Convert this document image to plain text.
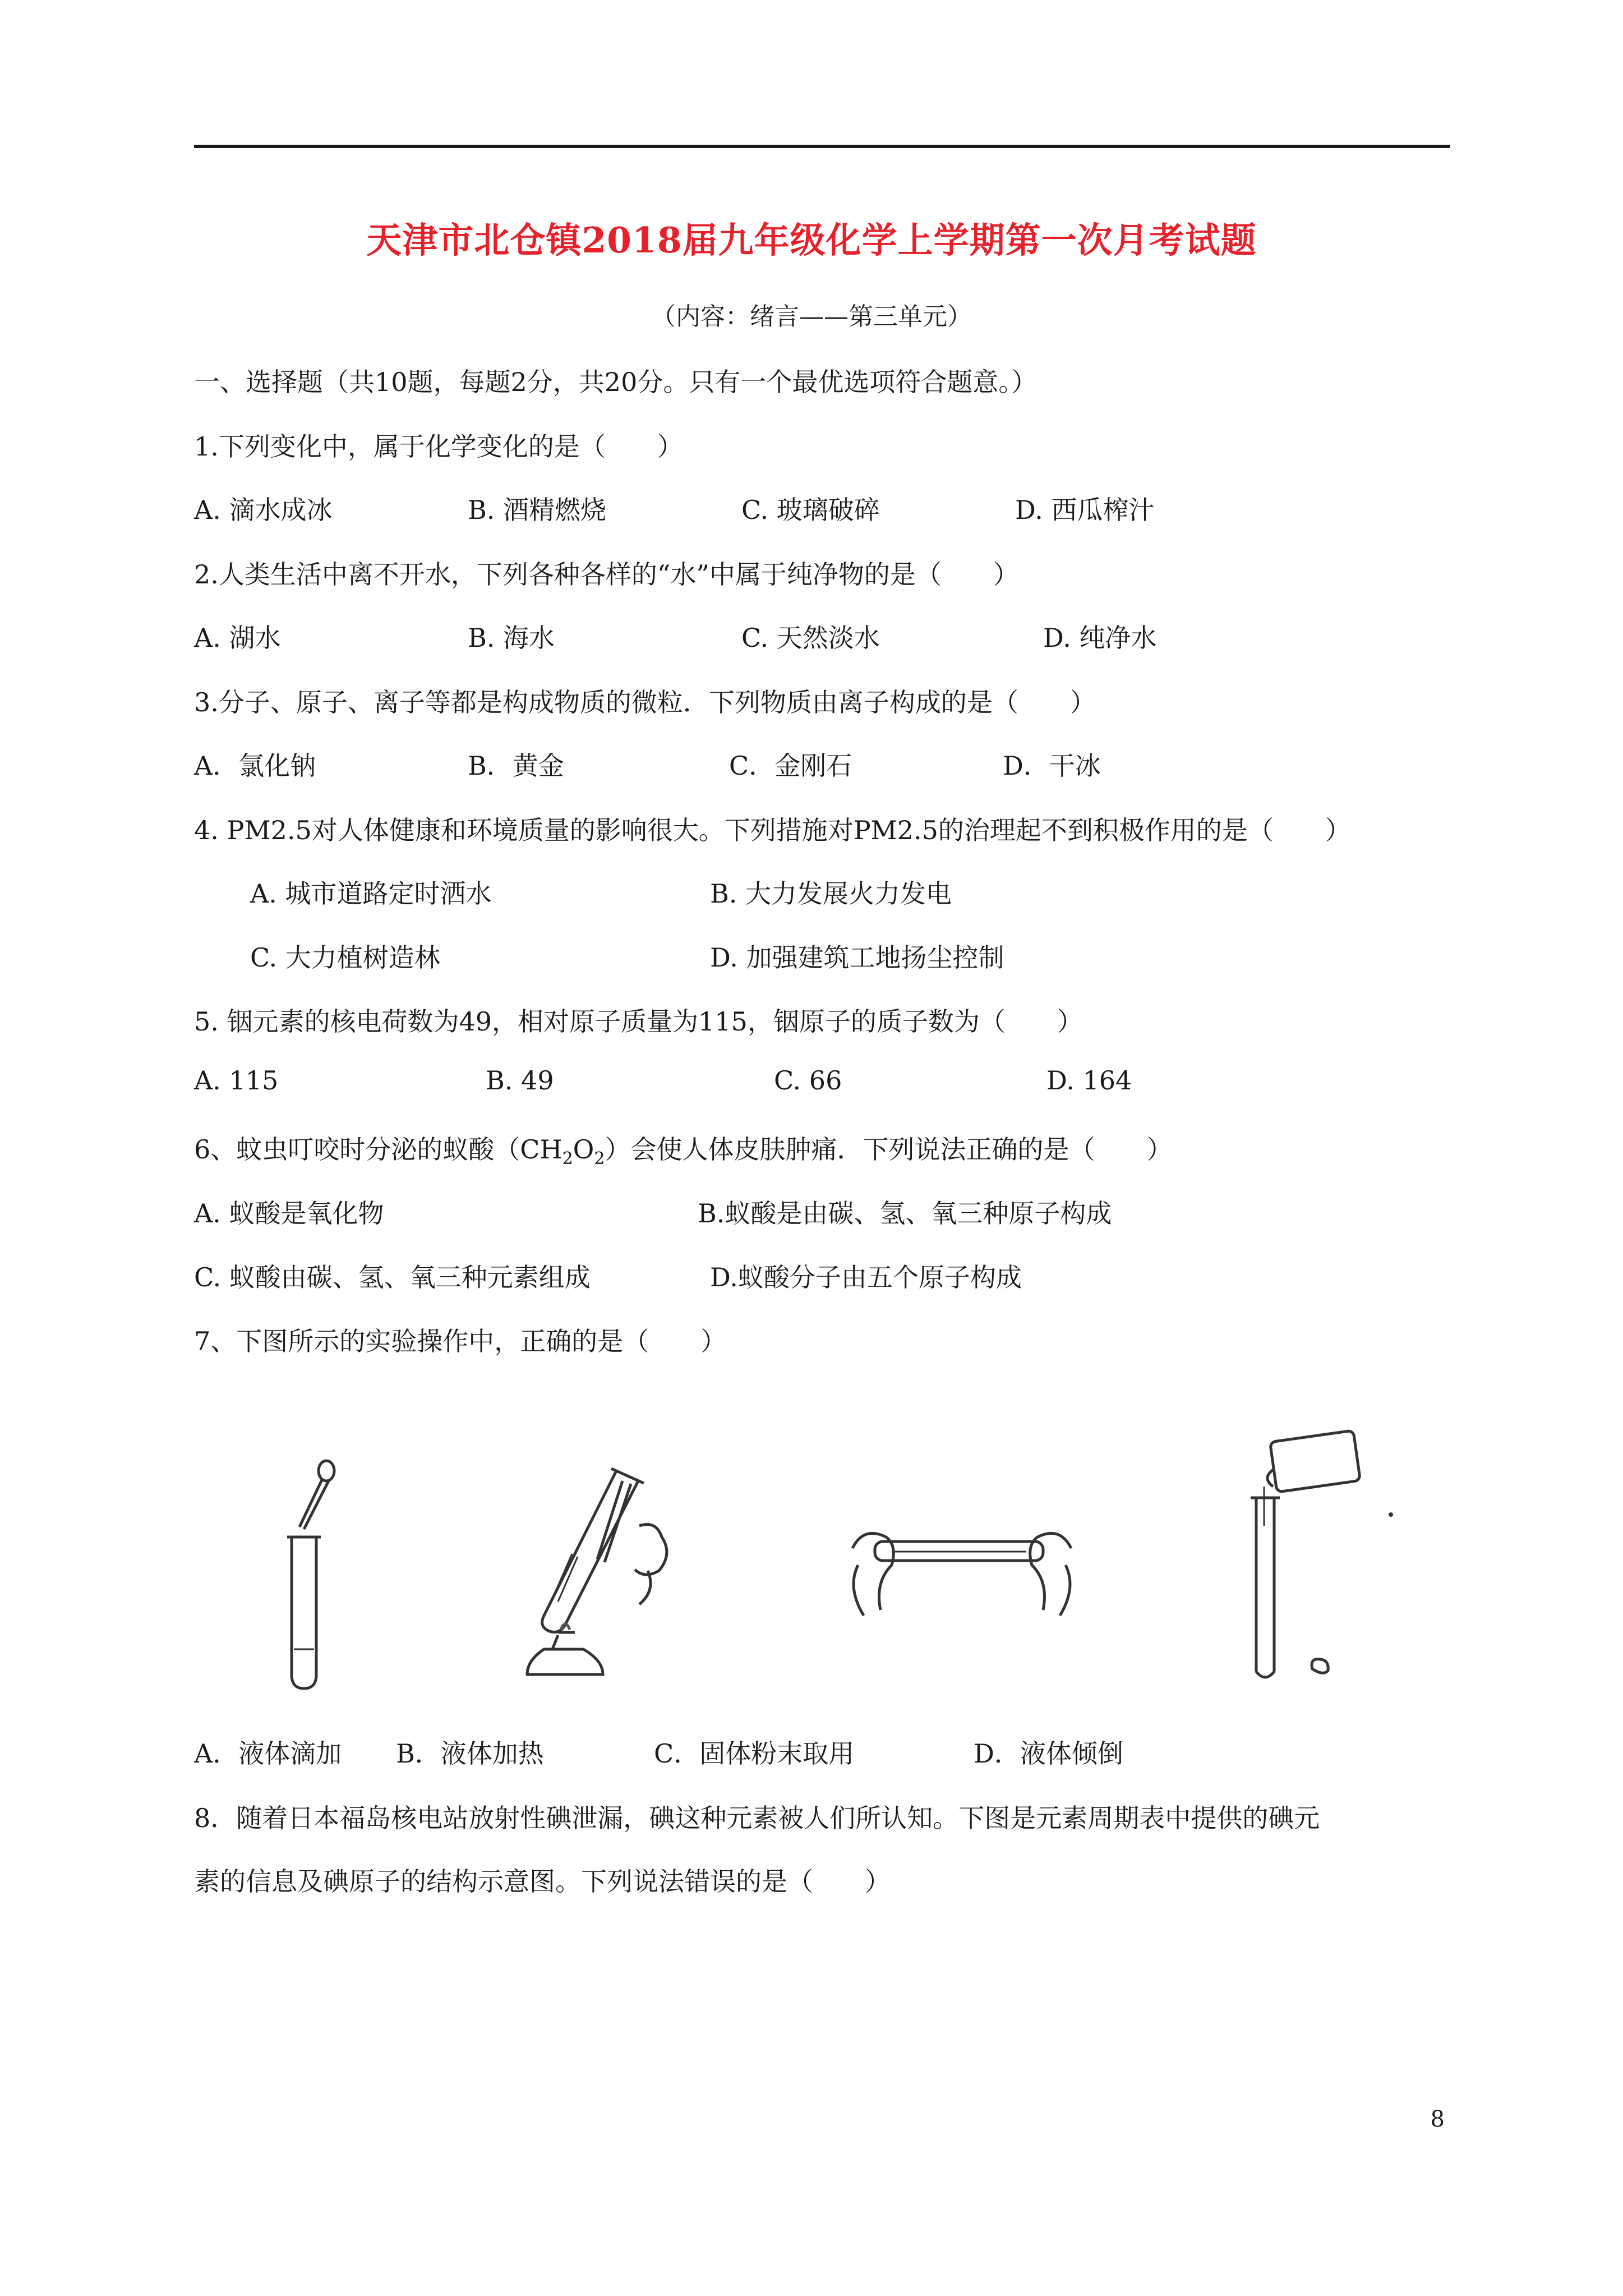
天津市北仓镇2018届九年级化学上学期第一次月考试题
（内容：绪言——第三单元）
一、选择题（共10题，每题2分，共20分。只有一个最优选项符合题意。）
1.下列变化中，属于化学变化的是（　　）
A. 滴水成冰	B. 酒精燃烧	C. 玻璃破碎	D. 西瓜榨汁
2.人类生活中离不开水，下列各种各样的“水”中属于纯净物的是（　　）
A. 湖水	B. 海水	C. 天然淡水	D. 纯净水
3.分子、原子、离子等都是构成物质的微粒．下列物质由离子构成的是（　　）
A．氯化钠	B．黄金	C．金刚石	D．干冰
4. PM2.5对人体健康和环境质量的影响很大。下列措施对PM2.5的治理起不到积极作用的是（　　）
A. 城市道路定时洒水	B. 大力发展火力发电
C. 大力植树造林	D. 加强建筑工地扬尘控制
5. 铟元素的核电荷数为49，相对原子质量为115，铟原子的质子数为（　　）
A. 115	B. 49	C. 66	D. 164
6、蚊虫叮咬时分泌的蚁酸$(CH_2O_2)$会使人体皮肤肿痛．下列说法正确的是（　　）
A. 蚁酸是氧化物	B.蚁酸是由碳、氢、氧三种原子构成
C. 蚁酸由碳、氢、氧三种元素组成	D.蚁酸分子由五个原子构成
7、下图所示的实验操作中，正确的是（　　）
A．液体滴加 B．液体加热	C．固体粉末取用	D．液体倾倒
8．随着日本福岛核电站放射性碘泄漏，碘这种元素被人们所认知。下图是元素周期表中提供的碘元
素的信息及碘原子的结构示意图。下列说法错误的是（　　）
8
